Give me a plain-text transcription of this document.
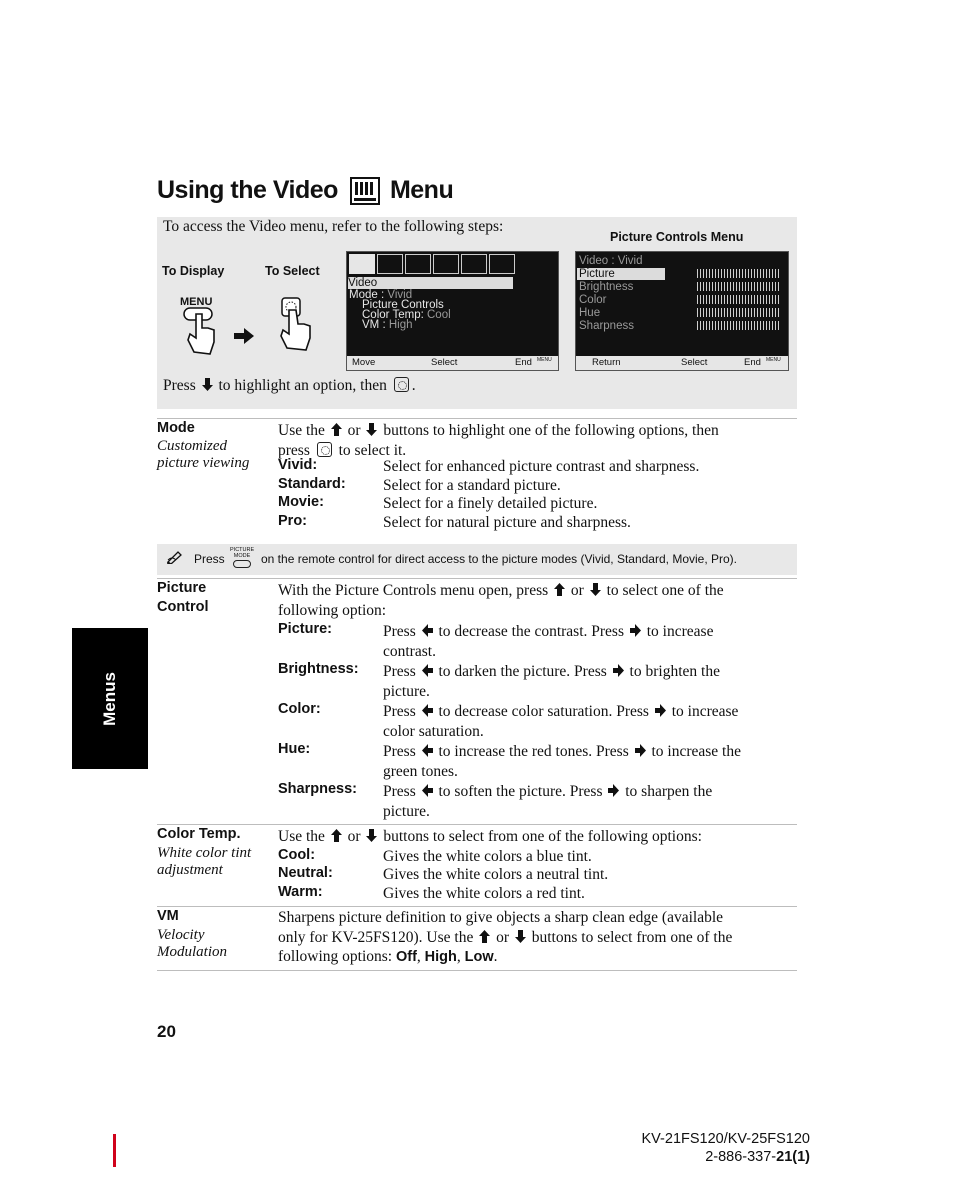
Using the Video Menu
To access the Video menu, refer to the following steps:
To Display	To Select
MENU
Video
Mode : Vivid
Picture Controls
Color Temp: Cool
VM : High
Move	Select	End MENU
Picture Controls Menu
Video : Vivid
Picture
Brightness
Color
Hue
Sharpness
Return	Select	End MENU
Press to highlight an option, then .
Mode
Customized picture viewing
Use the or buttons to highlight one of the following options, then
press to select it.
Vivid:	Select for enhanced picture contrast and sharpness.
Standard: Select for a standard picture.
Movie:	Select for a finely detailed picture.
Pro:	Select for natural picture and sharpness.
Press
PICTURE
MODE on the remote control for direct access to the picture modes (Vivid, Standard, Movie, Pro).
Picture
Control
With the Picture Controls menu open, press or to select one of the
following option:
Picture:	Press to decrease the contrast. Press to increase
contrast.
Brightness: Press to darken the picture. Press to brighten the
picture.
Color:	Press to decrease color saturation. Press to increase
color saturation.
Hue:	Press to increase the red tones. Press to increase the
green tones.
Sharpness: Press to soften the picture. Press to sharpen the
picture.
Color Temp.
White color tint adjustment
Use the or buttons to select from one of the following options:
Cool:	Gives the white colors a blue tint.
Neutral:	Gives the white colors a neutral tint.
Warm:	Gives the white colors a red tint.
VM
Velocity Modulation
Sharpens picture definition to give objects a sharp clean edge (available
only for KV-25FS120). Use the or buttons to select from one of the
following options: Off, High, Low.
Menus
20
KV-21FS120/KV-25FS120
2-886-337-21(1)
